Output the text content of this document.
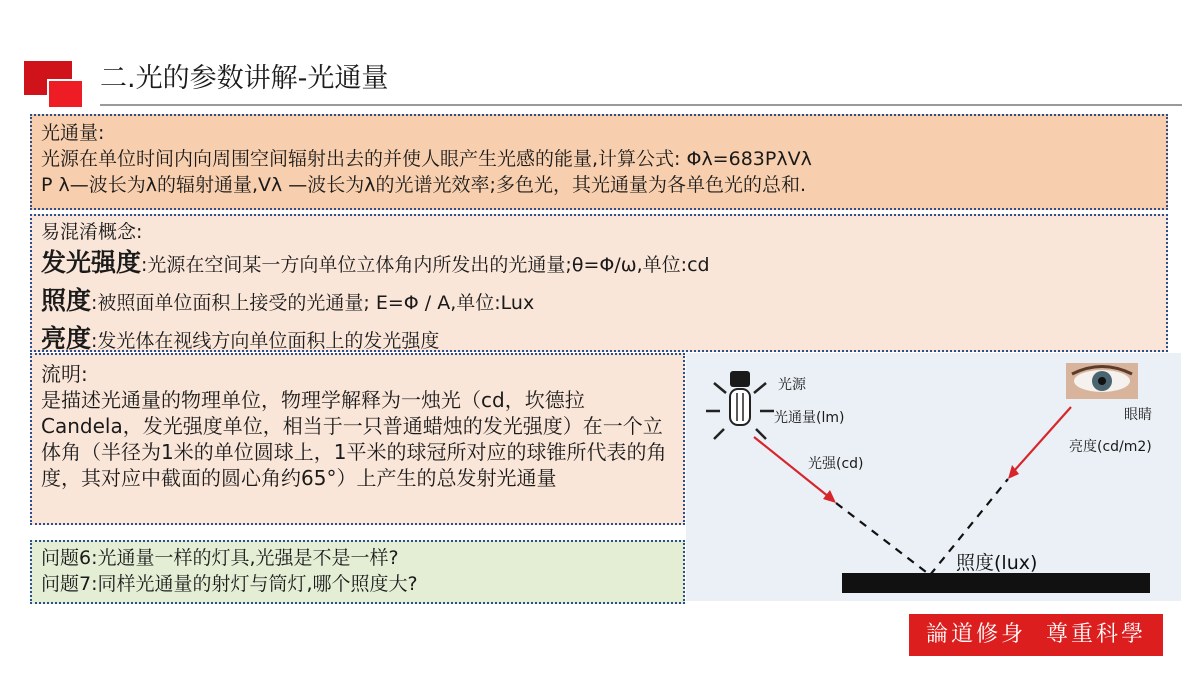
二.光的参数讲解-光通量

光通量:

光源在单位时间内向周围空间辐射出去的并使人眼产生光感的能量,计算公式: Φλ=683PλVλ

P λ—波长为λ的辐射通量,Vλ —波长为λ的光谱光效率;多色光，其光通量为各单色光的总和.

易混淆概念:

发光强度:光源在空间某一方向单位立体角内所发出的光通量;θ=Φ/ω,单位:cd

照度:被照面单位面积上接受的光通量; E=Φ / A,单位:Lux

亮度:发光体在视线方向单位面积上的发光强度

流明:

是描述光通量的物理单位，物理学解释为一烛光（cd，坎德拉Candela，发光强度单位，相当于一只普通蜡烛的发光强度）在一个立体角（半径为1米的单位圆球上，1平米的球冠所对应的球锥所代表的角度，其对应中截面的圆心角约65°）上产生的总发射光通量

问题6:光通量一样的灯具,光强是不是一样?

问题7:同样光通量的射灯与筒灯,哪个照度大?

光源
光通量(lm)
光强(cd)
眼睛
亮度(cd/m2)
照度(lux)
論道修身 尊重科學
